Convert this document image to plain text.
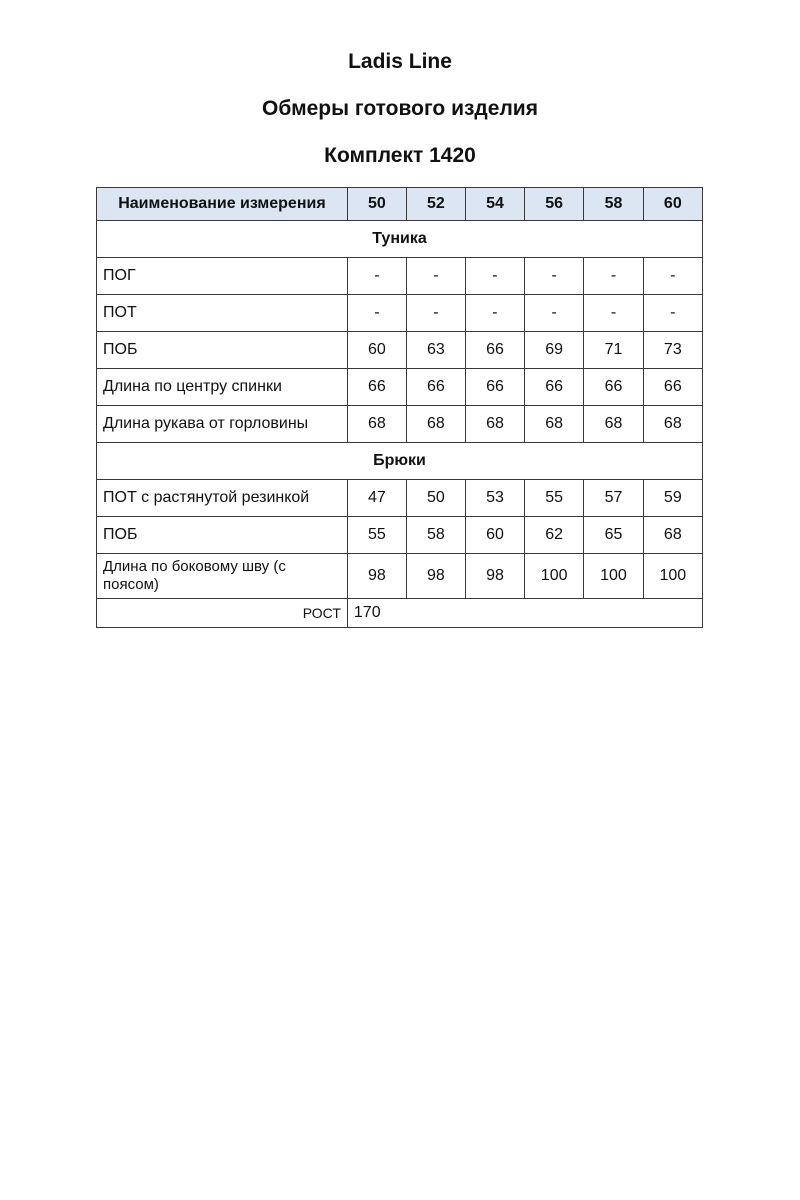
Ladis Line
Обмеры готового изделия
Комплект 1420
Наименование измерения	50	52	54	56	58	60
Туника						
ПОГ	-	-	-	-	-	-
ПОТ	-	-	-	-	-	-
ПОБ	60	63	66	69	71	73
Длина по центру спинки	66	66	66	66	66	66
Длина рукава от горловины	68	68	68	68	68	68
Брюки						
ПОТ с растянутой резинкой	47	50	53	55	57	59
ПОБ	55	58	60	62	65	68
Длина по боковому шву (с поясом)	98	98	98	100	100	100
РОСТ	170					
